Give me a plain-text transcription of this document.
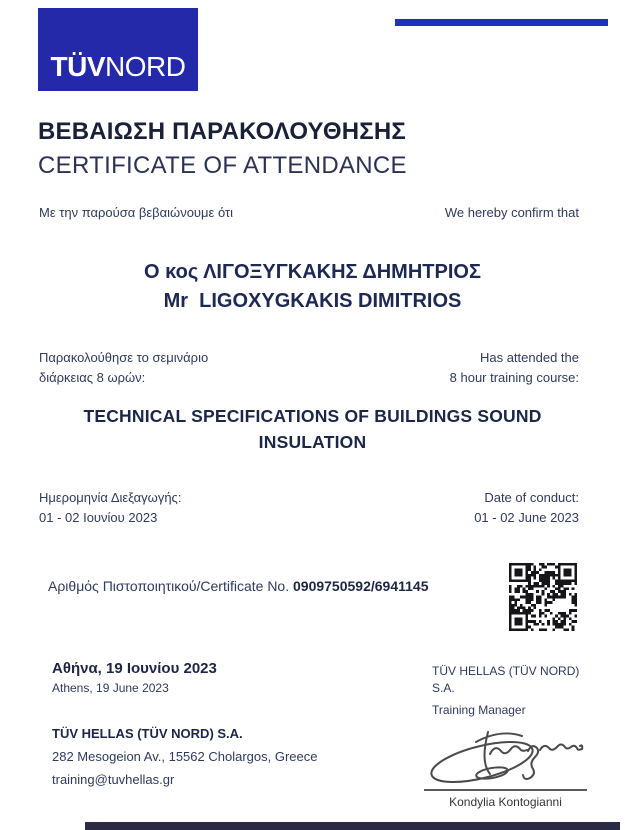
TÜVNORD
ΒΕΒΑΙΩΣΗ ΠΑΡΑΚΟΛΟΥΘΗΣΗΣ
CERTIFICATE OF ATTENDANCE
Με την παρούσα βεβαιώνουμε ότι	We hereby confirm that
Ο κος ΛΙΓΟΞΥΓΚΑΚΗΣ ΔΗΜΗΤΡΙΟΣ
Mr  LIGOXYGKAKIS DIMITRIOS
Παρακολούθησε το σεμινάριο
διάρκειας 8 ωρών:
Has attended the
8 hour training course:
TECHNICAL SPECIFICATIONS OF BUILDINGS SOUND
INSULATION
Ημερομηνία Διεξαγωγής:
01 - 02 Ιουνίου 2023
Date of conduct:
01 - 02 June 2023
Αριθμός Πιστοποιητικού/Certificate No. 0909750592/6941145
Αθήνα, 19 Ιουνίου 2023
Athens, 19 June 2023
TÜV HELLAS (TÜV NORD) S.A.
282 Mesogeion Av., 15562 Cholargos, Greece
training@tuvhellas.gr
TÜV HELLAS (TÜV NORD) S.A.
Training Manager
Kondylia Kontogianni
